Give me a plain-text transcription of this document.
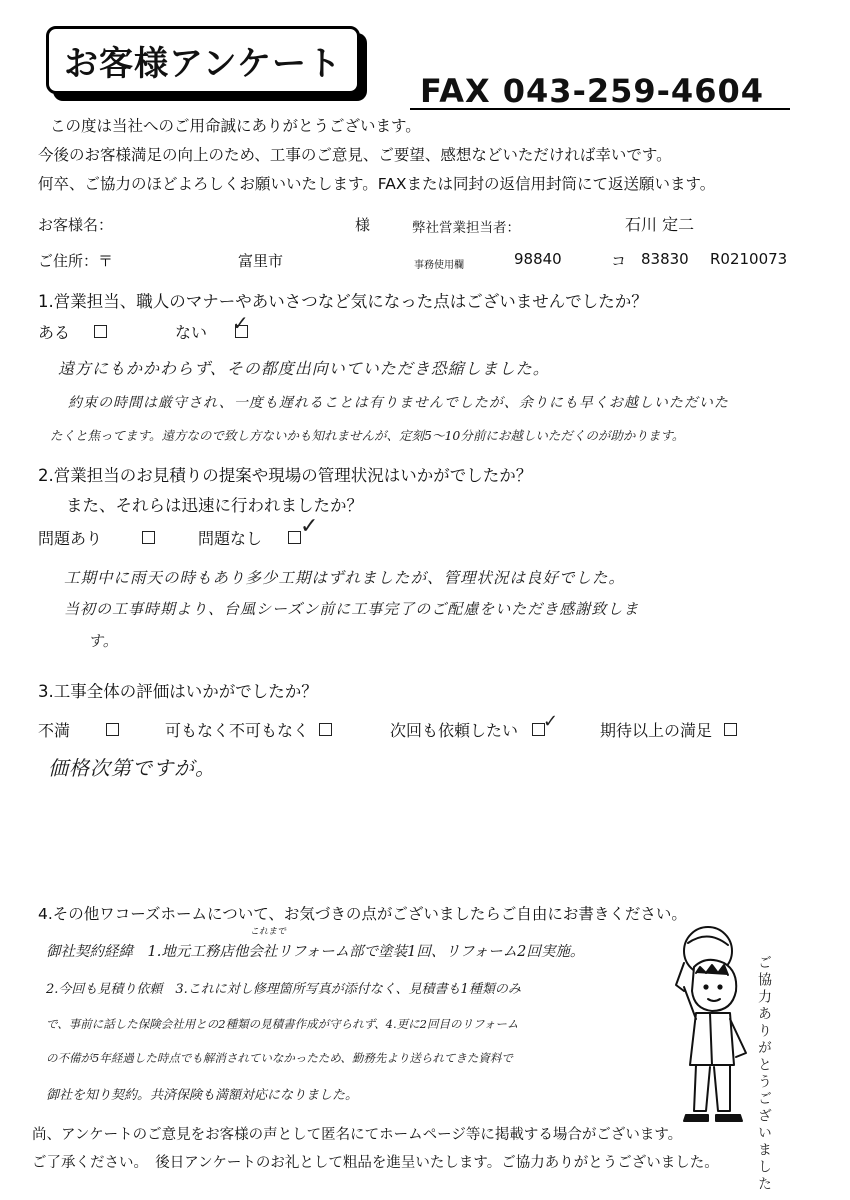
お客様アンケート
FAX 043-259-4604
この度は当社へのご用命誠にありがとうございます。
今後のお客様満足の向上のため、工事のご意見、ご要望、感想などいただければ幸いです。
何卒、ご協力のほどよろしくお願いいたします。FAXまたは同封の返信用封筒にて返送願います。
お客様名：	様	弊社営業担当者：	石川 定二
ご住所：〒	富里市	事務使用欄	98840	コ 83830 R0210073
1.営業担当、職人のマナーやあいさつなど気になった点はございませんでしたか？
ある	ない	✓
遠方にもかかわらず、その都度出向いていただき恐縮しました。
約束の時間は厳守され、一度も遅れることは有りませんでしたが、余りにも早くお越しいただいた
たくと焦ってます。遠方なので致し方ないかも知れませんが、定刻5～10分前にお越しいただくのが助かります。
2.営業担当のお見積りの提案や現場の管理状況はいかがでしたか？
また、それらは迅速に行われましたか？
問題あり	問題なし	✓
工期中に雨天の時もあり多少工期はずれましたが、管理状況は良好でした。
当初の工事時期より、台風シーズン前に工事完了のご配慮をいただき感謝致しま
す。
3.工事全体の評価はいかがでしたか？
不満	可もなく不可もなく	次回も依頼したい	✓	期待以上の満足
価格次第ですが。
4.その他ワコーズホームについて、お気づきの点がございましたらご自由にお書きください。
これまで
御社契約経緯　1.地元工務店他会社リフォーム部で塗装1回、リフォーム2回実施。
2.今回も見積り依頼　3.これに対し修理箇所写真が添付なく、見積書も1種類のみ
で、事前に話した保険会社用との2種類の見積書作成が守られず、4.更に2回目のリフォーム
の不備が5年経過した時点でも解消されていなかったため、勤務先より送られてきた資料で
御社を知り契約。共済保険も満額対応になりました。	ご協力ありがとうございました
尚、アンケートのご意見をお客様の声として匿名にてホームページ等に掲載する場合がございます。
ご了承ください。　後日アンケートのお礼として粗品を進呈いたします。ご協力ありがとうございました。
